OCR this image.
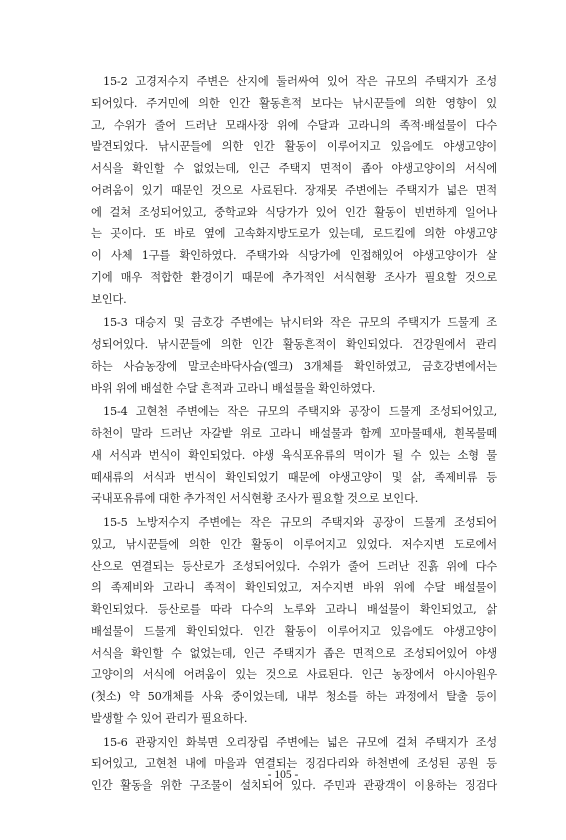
15-2 고경저수지 주변은 산지에 둘러싸여 있어 작은 규모의 주택지가 조성
되어있다. 주거민에 의한 인간 활동흔적 보다는 낚시꾼들에 의한 영향이 있
고, 수위가 줄어 드러난 모래사장 위에 수달과 고라니의 족적·배설물이 다수
발견되었다. 낚시꾼들에 의한 인간 활동이 이루어지고 있음에도 야생고양이
서식을 확인할 수 없었는데, 인근 주택지 면적이 좁아 야생고양이의 서식에
어려움이 있기 때문인 것으로 사료된다. 장재못 주변에는 주택지가 넓은 면적
에 걸쳐 조성되어있고, 중학교와 식당가가 있어 인간 활동이 빈번하게 일어나
는 곳이다. 또 바로 옆에 고속화지방도로가 있는데, 로드킬에 의한 야생고양
이 사체 1구를 확인하였다. 주택가와 식당가에 인접해있어 야생고양이가 살
기에 매우 적합한 환경이기 때문에 추가적인 서식현황 조사가 필요할 것으로
보인다.
15-3 대승지 및 금호강 주변에는 낚시터와 작은 규모의 주택지가 드물게 조
성되어있다. 낚시꾼들에 의한 인간 활동흔적이 확인되었다. 건강원에서 관리
하는 사슴농장에 말코손바닥사슴(엘크) 3개체를 확인하였고, 금호강변에서는
바위 위에 배설한 수달 흔적과 고라니 배설물을 확인하였다.
15-4 고현천 주변에는 작은 규모의 주택지와 공장이 드물게 조성되어있고,
하천이 말라 드러난 자갈밭 위로 고라니 배설물과 함께 꼬마물떼새, 흰목물떼
새 서식과 번식이 확인되었다. 야생 육식포유류의 먹이가 될 수 있는 소형 물
떼새류의 서식과 번식이 확인되었기 때문에 야생고양이 및 삵, 족제비류 등
국내포유류에 대한 추가적인 서식현황 조사가 필요할 것으로 보인다.
15-5 노방저수지 주변에는 작은 규모의 주택지와 공장이 드물게 조성되어
있고, 낚시꾼들에 의한 인간 활동이 이루어지고 있었다. 저수지변 도로에서
산으로 연결되는 등산로가 조성되어있다. 수위가 줄어 드러난 진흙 위에 다수
의 족제비와 고라니 족적이 확인되었고, 저수지변 바위 위에 수달 배설물이
확인되었다. 등산로를 따라 다수의 노루와 고라니 배설물이 확인되었고, 삵
배설물이 드물게 확인되었다. 인간 활동이 이루어지고 있음에도 야생고양이
서식을 확인할 수 없었는데, 인근 주택지가 좁은 면적으로 조성되어있어 야생
고양이의 서식에 어려움이 있는 것으로 사료된다. 인근 농장에서 아시아원우
(첫소) 약 50개체를 사육 중이었는데, 내부 청소를 하는 과정에서 탈출 등이
발생할 수 있어 관리가 필요하다.
15-6 관광지인 화북면 오리장림 주변에는 넓은 규모에 걸쳐 주택지가 조성
되어있고, 고현천 내에 마을과 연결되는 징검다리와 하천변에 조성된 공원 등
인간 활동을 위한 구조물이 설치되어 있다. 주민과 관광객이 이용하는 징검다
- 105 -
